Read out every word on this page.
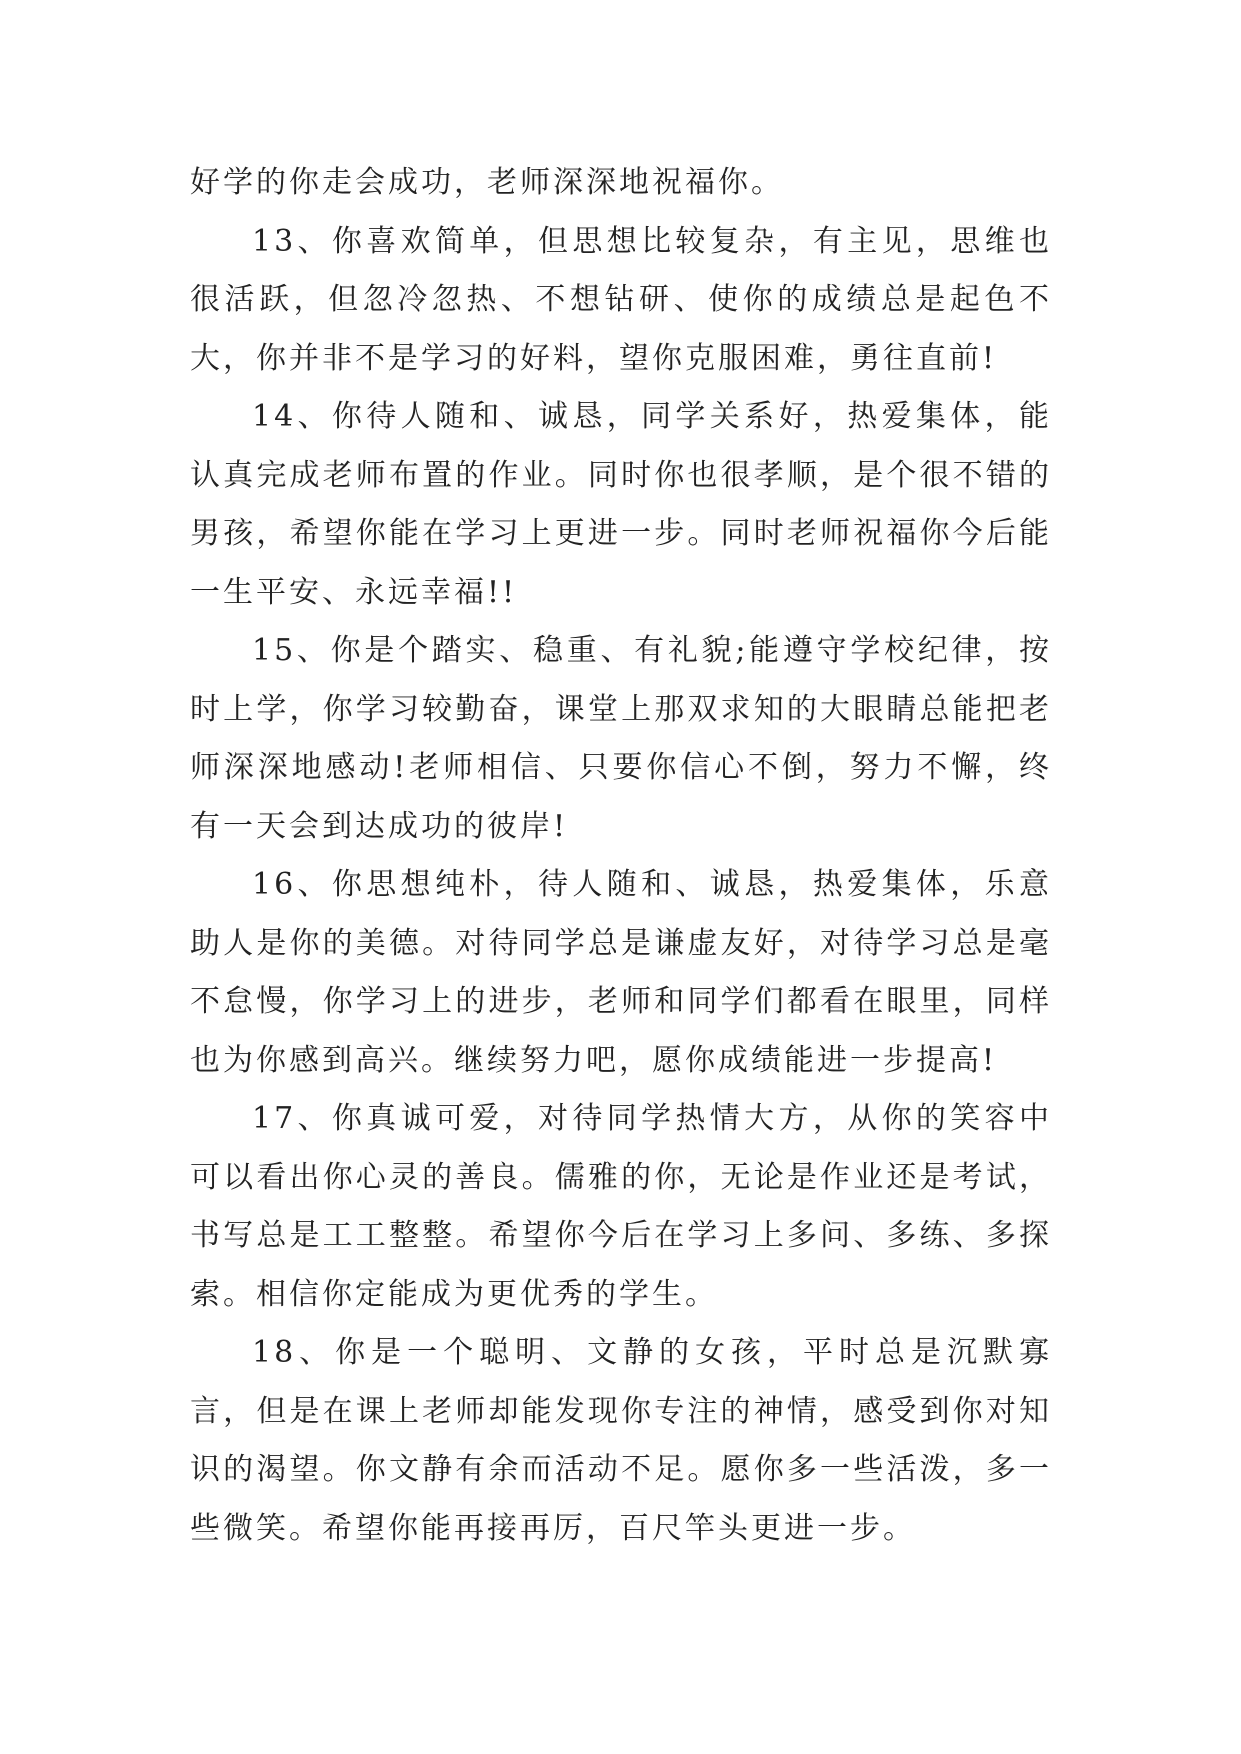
好学的你走会成功，老师深深地祝福你。

13、你喜欢简单，但思想比较复杂，有主见，思维也很活跃，但忽冷忽热、不想钻研、使你的成绩总是起色不大，你并非不是学习的好料，望你克服困难，勇往直前!

14、你待人随和、诚恳，同学关系好，热爱集体，能认真完成老师布置的作业。同时你也很孝顺，是个很不错的男孩，希望你能在学习上更进一步。同时老师祝福你今后能一生平安、永远幸福!!

15、你是个踏实、稳重、有礼貌;能遵守学校纪律，按时上学，你学习较勤奋，课堂上那双求知的大眼睛总能把老师深深地感动!老师相信、只要你信心不倒，努力不懈，终有一天会到达成功的彼岸!

16、你思想纯朴，待人随和、诚恳，热爱集体，乐意助人是你的美德。对待同学总是谦虚友好，对待学习总是毫不怠慢，你学习上的进步，老师和同学们都看在眼里，同样也为你感到高兴。继续努力吧，愿你成绩能进一步提高!

17、你真诚可爱，对待同学热情大方，从你的笑容中可以看出你心灵的善良。儒雅的你，无论是作业还是考试，书写总是工工整整。希望你今后在学习上多问、多练、多探索。相信你定能成为更优秀的学生。

18、你是一个聪明、文静的女孩，平时总是沉默寡言，但是在课上老师却能发现你专注的神情，感受到你对知识的渴望。你文静有余而活动不足。愿你多一些活泼，多一些微笑。希望你能再接再厉，百尺竿头更进一步。
